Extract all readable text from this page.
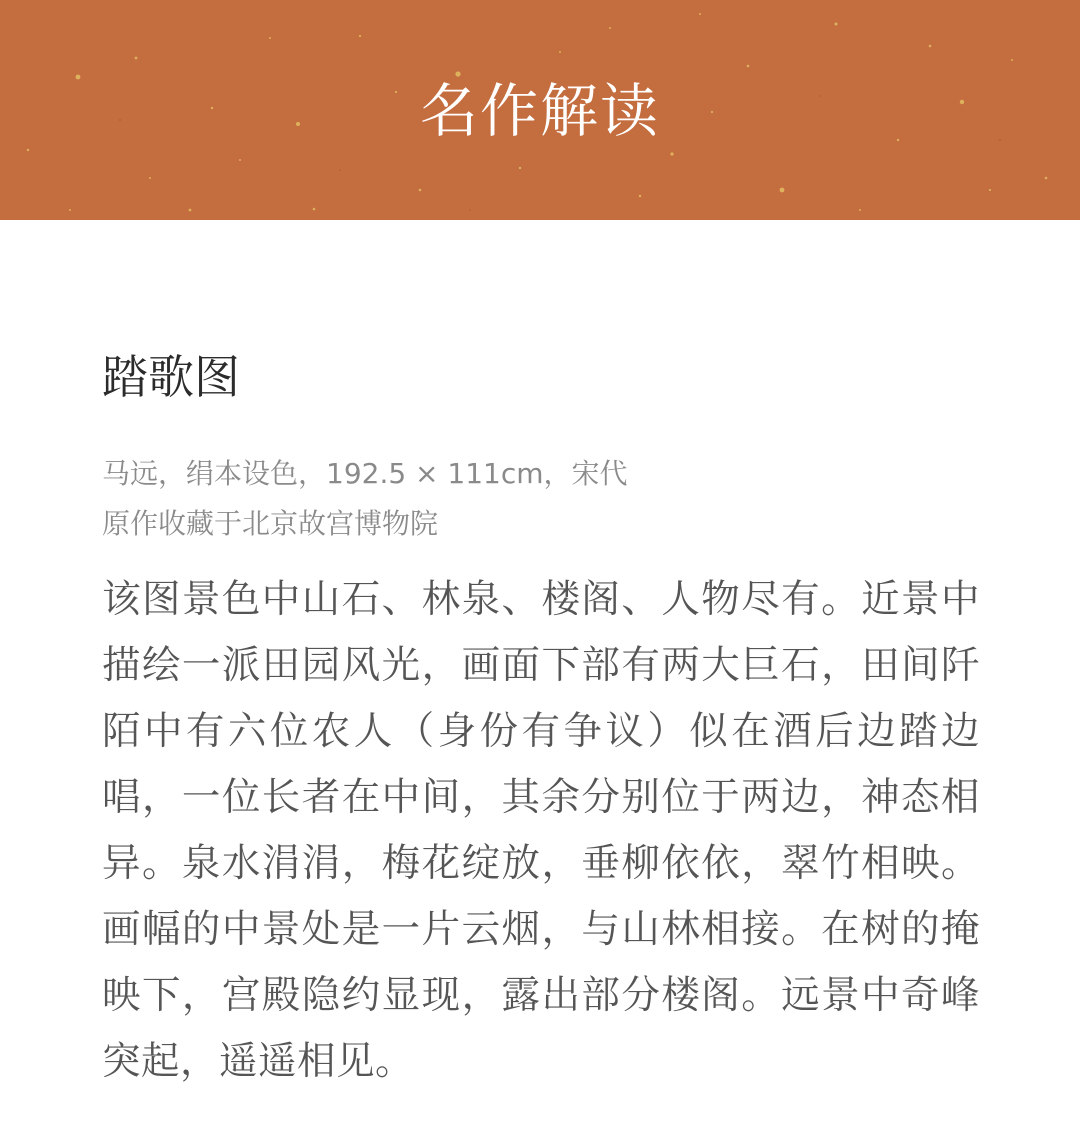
名作解读
踏歌图
马远，绢本设色，192.5 × 111cm，宋代
原作收藏于北京故宫博物院

该图景色中山石、林泉、楼阁、人物尽有。近景中描绘一派田园风光，画面下部有两大巨石，田间阡陌中有六位农人（身份有争议）似在酒后边踏边唱，一位长者在中间，其余分别位于两边，神态相异。泉水涓涓，梅花绽放，垂柳依依，翠竹相映。画幅的中景处是一片云烟，与山林相接。在树的掩映下，宫殿隐约显现，露出部分楼阁。远景中奇峰突起，遥遥相见。
